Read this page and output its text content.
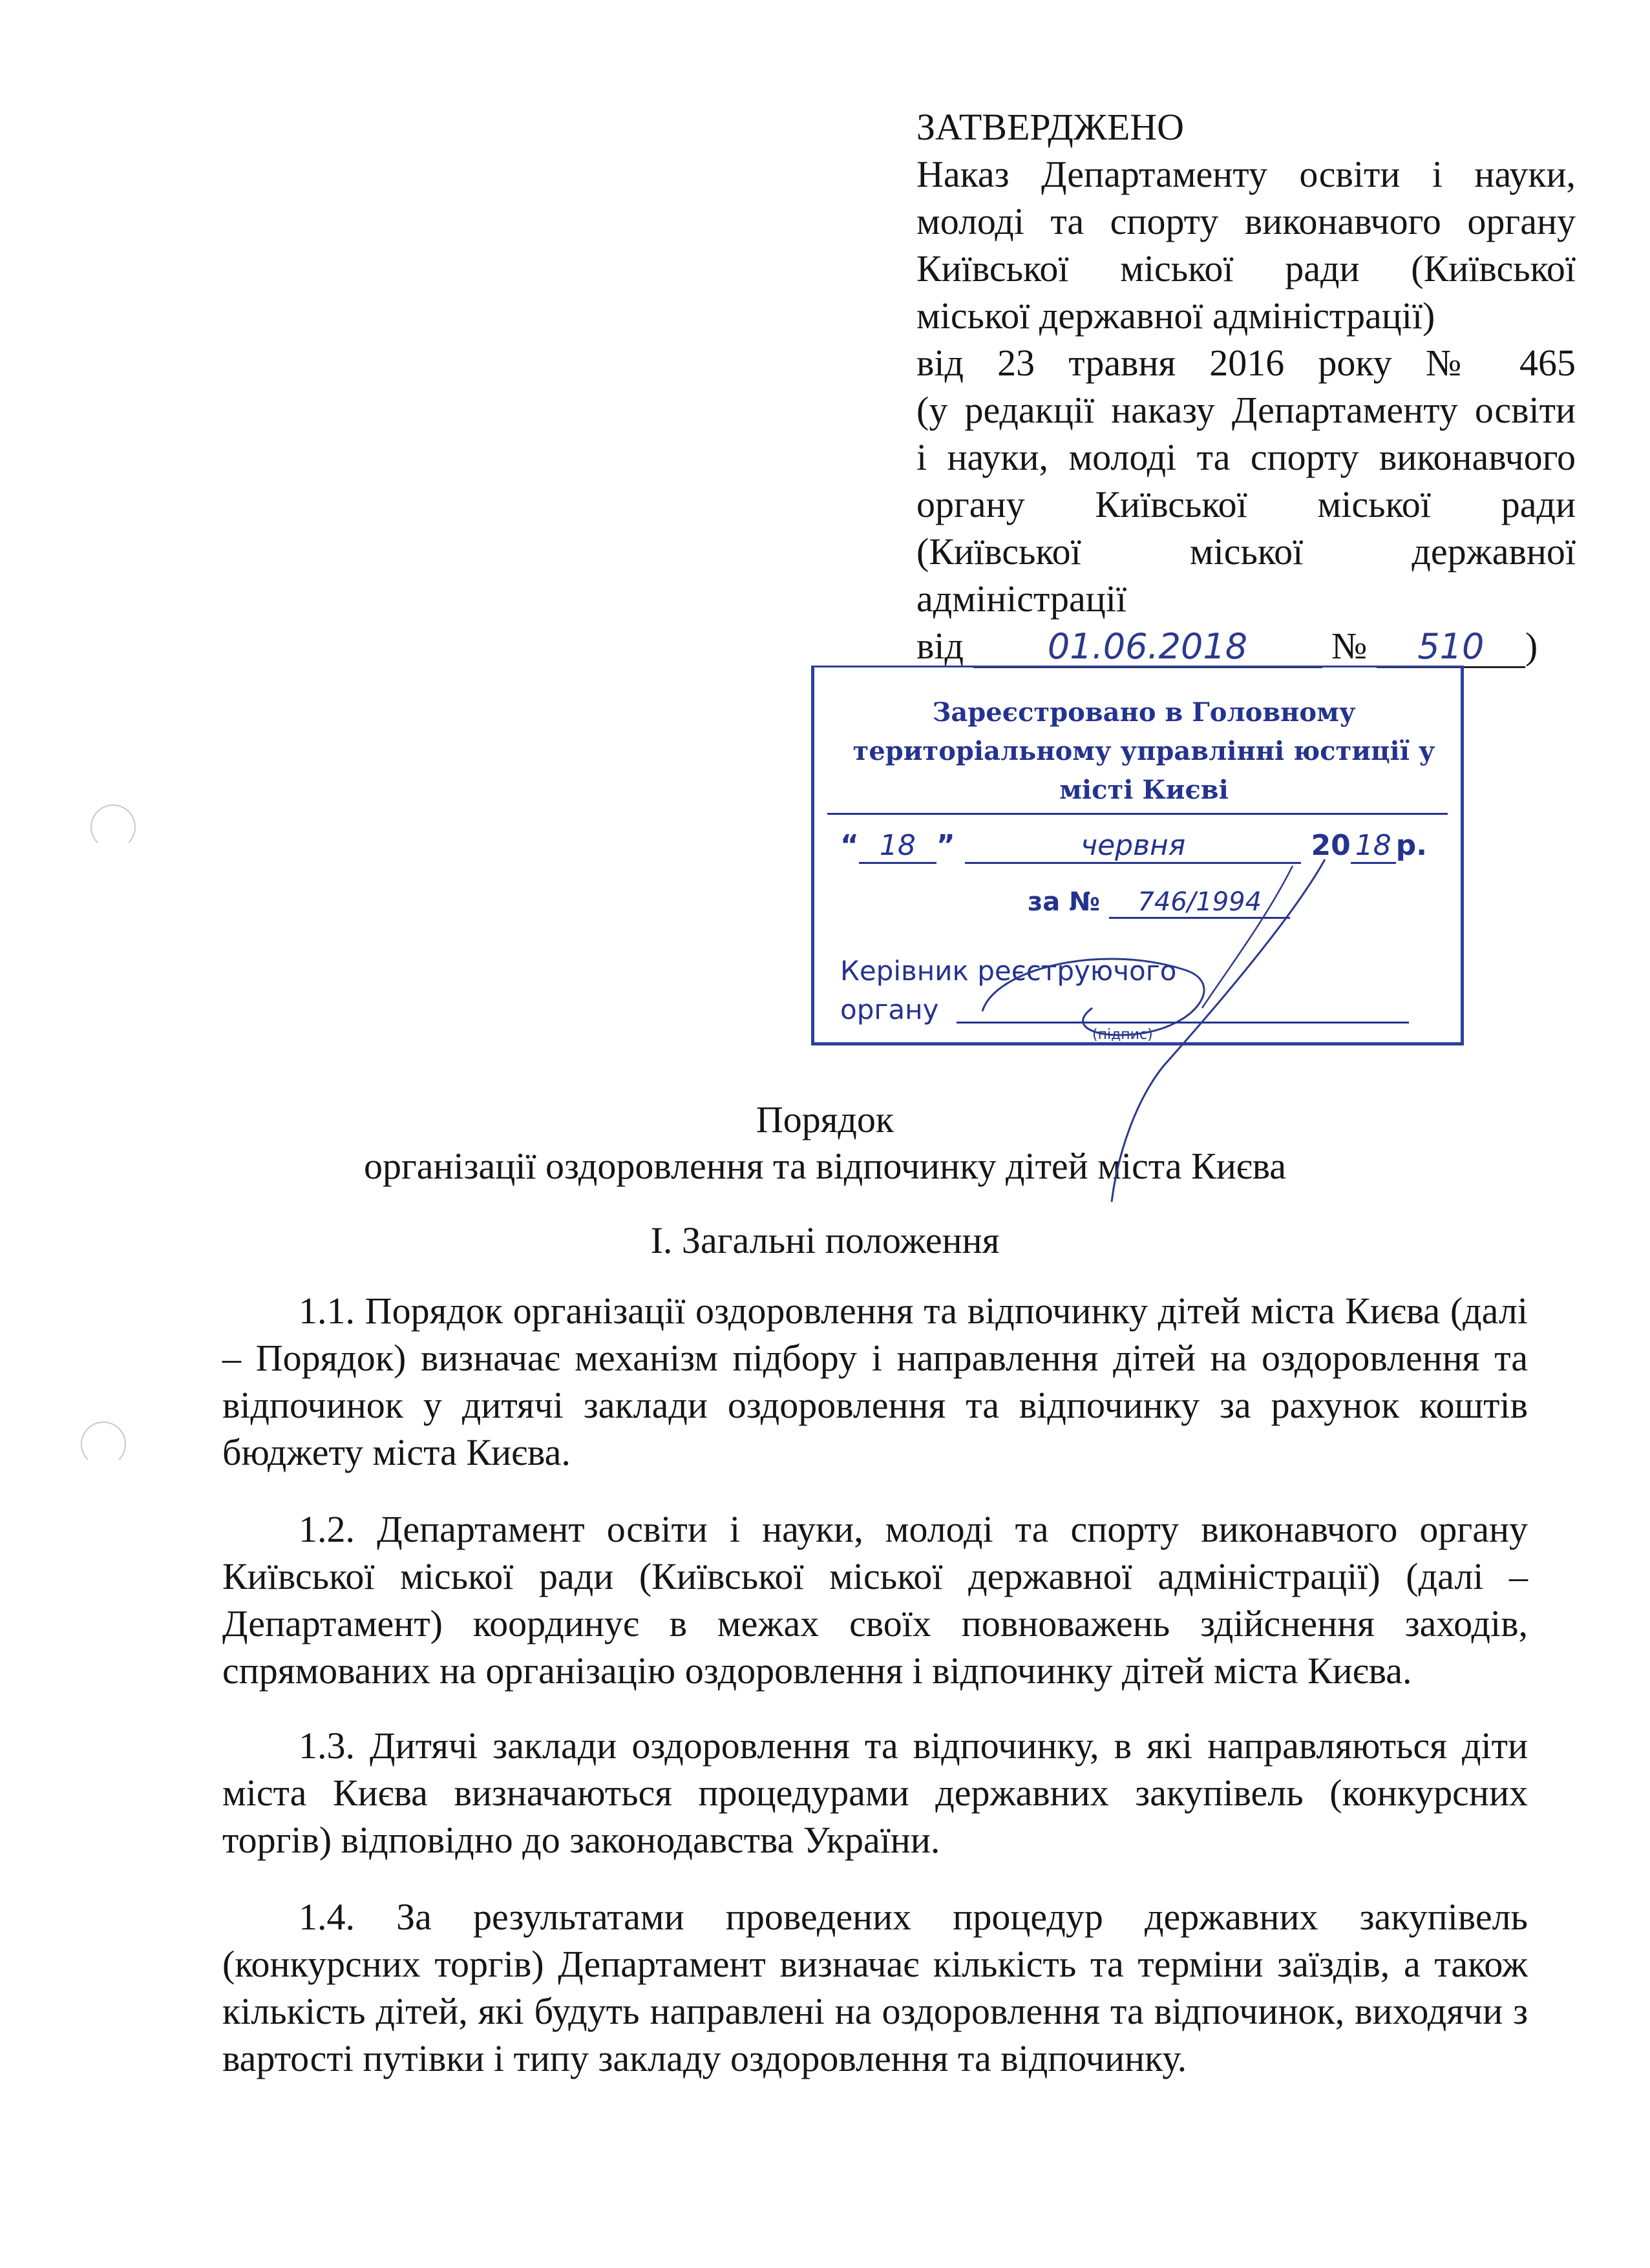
ЗАТВЕРДЖЕНО
Наказ Департаменту освіти і науки,
молоді та спорту виконавчого органу
Київської міської ради (Київської
міської державної адміністрації)
від 23 травня 2016 року № 465
(у редакції наказу Департаменту освіти
і науки, молоді та спорту виконавчого
органу Київської міської ради
(Київської міської державної
адміністрації
від 01.06.2018 № 510 )
Зареєстровано в Головному територіальному управлінні юстиції у місті Києві
“ 18 ”	червня	20 18 р.
за № 746/1994
Керівник реєструючого
органу
(підпис)
Порядок
організації оздоровлення та відпочинку дітей міста Києва
І. Загальні положення
1.1. Порядок організації оздоровлення та відпочинку дітей міста Києва (далі – Порядок) визначає механізм підбору і направлення дітей на оздоровлення та відпочинок у дитячі заклади оздоровлення та відпочинку за рахунок коштів бюджету міста Києва.
1.2. Департамент освіти і науки, молоді та спорту виконавчого органу Київської міської ради (Київської міської державної адміністрації) (далі – Департамент) координує в межах своїх повноважень здійснення заходів, спрямованих на організацію оздоровлення і відпочинку дітей міста Києва.
1.3. Дитячі заклади оздоровлення та відпочинку, в які направляються діти міста Києва визначаються процедурами державних закупівель (конкурсних торгів) відповідно до законодавства України.
1.4. За результатами проведених процедур державних закупівель (конкурсних торгів) Департамент визначає кількість та терміни заїздів, а також кількість дітей, які будуть направлені на оздоровлення та відпочинок, виходячи з вартості путівки і типу закладу оздоровлення та відпочинку.
